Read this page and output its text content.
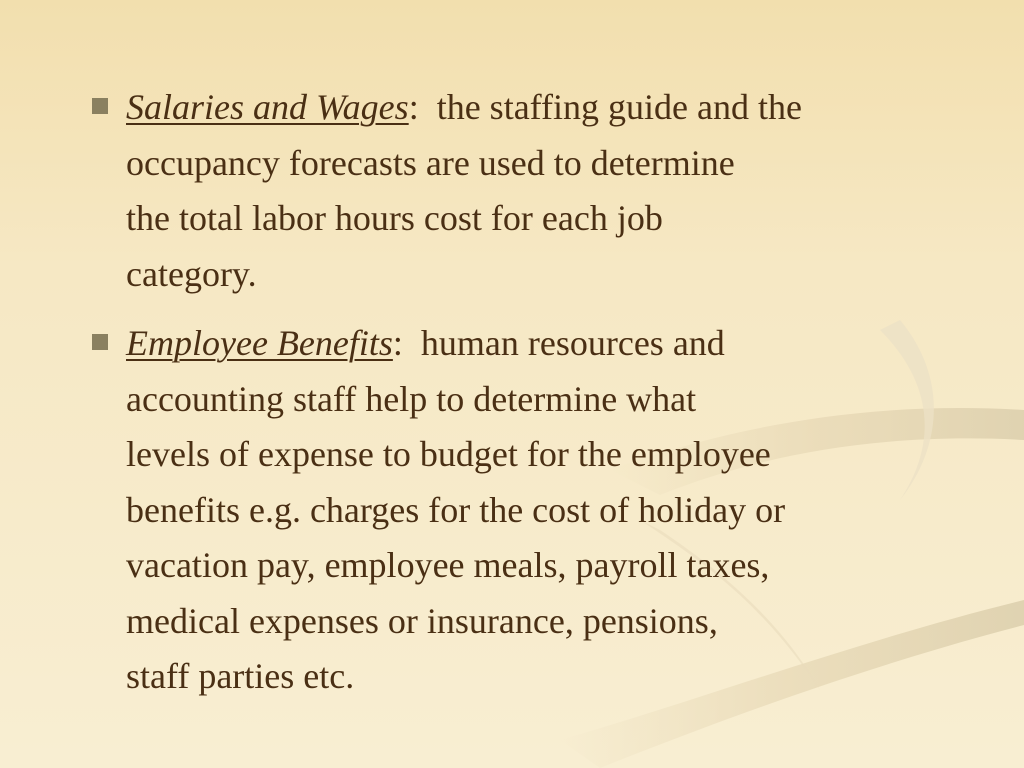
Salaries and Wages: the staffing guide and the
occupancy forecasts are used to determine
the total labor hours cost for each job
category.
Employee Benefits: human resources and
accounting staff help to determine what
levels of expense to budget for the employee
benefits e.g. charges for the cost of holiday or
vacation pay, employee meals, payroll taxes,
medical expenses or insurance, pensions,
staff parties etc.
